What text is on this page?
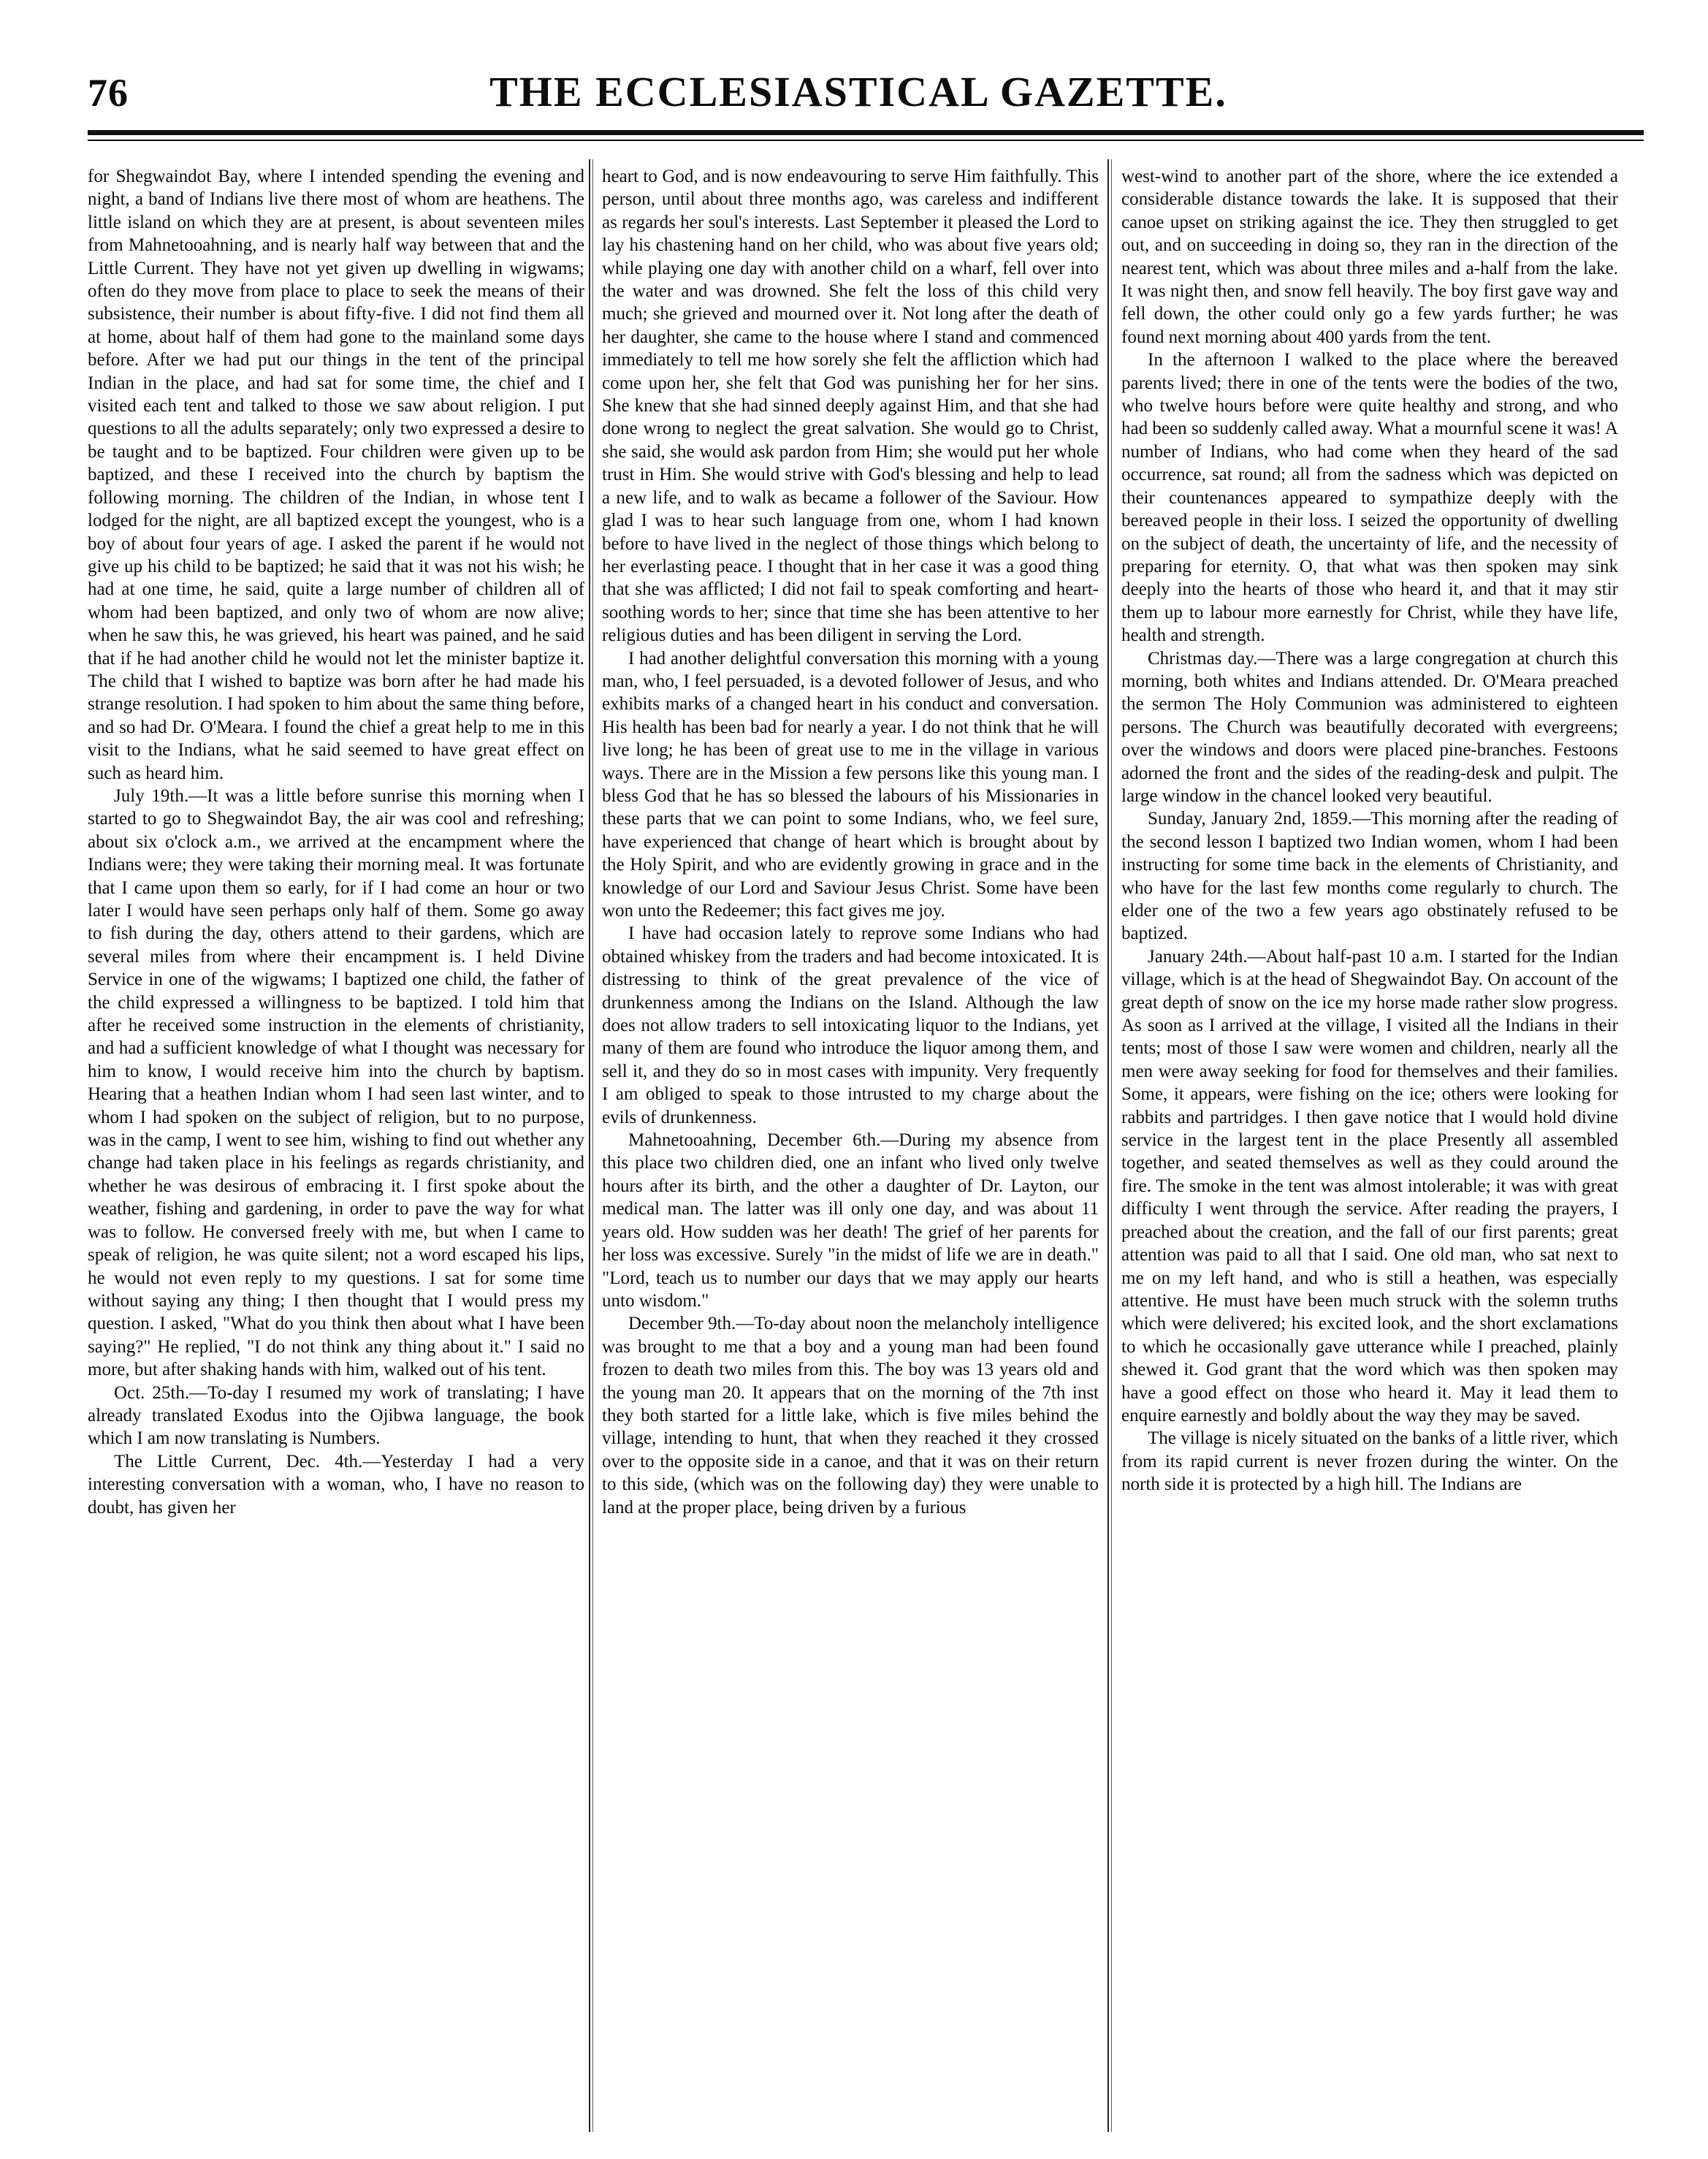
76	THE ECCLESIASTICAL GAZETTE.

for Shegwaindot Bay, where I intended spending the evening and night, a band of Indians live there most of whom are heathens. The little island on which they are at present, is about seventeen miles from Mahnetooahning, and is nearly half way between that and the Little Current. They have not yet given up dwelling in wigwams; often do they move from place to place to seek the means of their subsistence, their number is about fifty-five. I did not find them all at home, about half of them had gone to the mainland some days before. After we had put our things in the tent of the principal Indian in the place, and had sat for some time, the chief and I visited each tent and talked to those we saw about religion. I put questions to all the adults separately; only two expressed a desire to be taught and to be baptized. Four children were given up to be baptized, and these I received into the church by baptism the following morning. The children of the Indian, in whose tent I lodged for the night, are all baptized except the youngest, who is a boy of about four years of age. I asked the parent if he would not give up his child to be baptized; he said that it was not his wish; he had at one time, he said, quite a large number of children all of whom had been baptized, and only two of whom are now alive; when he saw this, he was grieved, his heart was pained, and he said that if he had another child he would not let the minister baptize it. The child that I wished to baptize was born after he had made his strange resolution. I had spoken to him about the same thing before, and so had Dr. O'Meara. I found the chief a great help to me in this visit to the Indians, what he said seemed to have great effect on such as heard him.

July 19th.—It was a little before sunrise this morning when I started to go to Shegwaindot Bay, the air was cool and refreshing; about six o'clock a.m., we arrived at the encampment where the Indians were; they were taking their morning meal. It was fortunate that I came upon them so early, for if I had come an hour or two later I would have seen perhaps only half of them. Some go away to fish during the day, others attend to their gardens, which are several miles from where their encampment is. I held Divine Service in one of the wigwams; I baptized one child, the father of the child expressed a willingness to be baptized. I told him that after he received some instruction in the elements of christianity, and had a sufficient knowledge of what I thought was necessary for him to know, I would receive him into the church by baptism. Hearing that a heathen Indian whom I had seen last winter, and to whom I had spoken on the subject of religion, but to no purpose, was in the camp, I went to see him, wishing to find out whether any change had taken place in his feelings as regards christianity, and whether he was desirous of embracing it. I first spoke about the weather, fishing and gardening, in order to pave the way for what was to follow. He conversed freely with me, but when I came to speak of religion, he was quite silent; not a word escaped his lips, he would not even reply to my questions. I sat for some time without saying any thing; I then thought that I would press my question. I asked, "What do you think then about what I have been saying?" He replied, "I do not think any thing about it." I said no more, but after shaking hands with him, walked out of his tent.

Oct. 25th.—To-day I resumed my work of translating; I have already translated Exodus into the Ojibwa language, the book which I am now translating is Numbers.

The Little Current, Dec. 4th.—Yesterday I had a very interesting conversation with a woman, who, I have no reason to doubt, has given her

heart to God, and is now endeavouring to serve Him faithfully. This person, until about three months ago, was careless and indifferent as regards her soul's interests. Last September it pleased the Lord to lay his chastening hand on her child, who was about five years old; while playing one day with another child on a wharf, fell over into the water and was drowned. She felt the loss of this child very much; she grieved and mourned over it. Not long after the death of her daughter, she came to the house where I stand and commenced immediately to tell me how sorely she felt the affliction which had come upon her, she felt that God was punishing her for her sins. She knew that she had sinned deeply against Him, and that she had done wrong to neglect the great salvation. She would go to Christ, she said, she would ask pardon from Him; she would put her whole trust in Him. She would strive with God's blessing and help to lead a new life, and to walk as became a follower of the Saviour. How glad I was to hear such language from one, whom I had known before to have lived in the neglect of those things which belong to her everlasting peace. I thought that in her case it was a good thing that she was afflicted; I did not fail to speak comforting and heart-soothing words to her; since that time she has been attentive to her religious duties and has been diligent in serving the Lord.

I had another delightful conversation this morning with a young man, who, I feel persuaded, is a devoted follower of Jesus, and who exhibits marks of a changed heart in his conduct and conversation. His health has been bad for nearly a year. I do not think that he will live long; he has been of great use to me in the village in various ways. There are in the Mission a few persons like this young man. I bless God that he has so blessed the labours of his Missionaries in these parts that we can point to some Indians, who, we feel sure, have experienced that change of heart which is brought about by the Holy Spirit, and who are evidently growing in grace and in the knowledge of our Lord and Saviour Jesus Christ. Some have been won unto the Redeemer; this fact gives me joy.

I have had occasion lately to reprove some Indians who had obtained whiskey from the traders and had become intoxicated. It is distressing to think of the great prevalence of the vice of drunkenness among the Indians on the Island. Although the law does not allow traders to sell intoxicating liquor to the Indians, yet many of them are found who introduce the liquor among them, and sell it, and they do so in most cases with impunity. Very frequently I am obliged to speak to those intrusted to my charge about the evils of drunkenness.

Mahnetooahning, December 6th.—During my absence from this place two children died, one an infant who lived only twelve hours after its birth, and the other a daughter of Dr. Layton, our medical man. The latter was ill only one day, and was about 11 years old. How sudden was her death! The grief of her parents for her loss was excessive. Surely "in the midst of life we are in death." "Lord, teach us to number our days that we may apply our hearts unto wisdom."

December 9th.—To-day about noon the melancholy intelligence was brought to me that a boy and a young man had been found frozen to death two miles from this. The boy was 13 years old and the young man 20. It appears that on the morning of the 7th inst they both started for a little lake, which is five miles behind the village, intending to hunt, that when they reached it they crossed over to the opposite side in a canoe, and that it was on their return to this side, (which was on the following day) they were unable to land at the proper place, being driven by a furious

west-wind to another part of the shore, where the ice extended a considerable distance towards the lake. It is supposed that their canoe upset on striking against the ice. They then struggled to get out, and on succeeding in doing so, they ran in the direction of the nearest tent, which was about three miles and a-half from the lake. It was night then, and snow fell heavily. The boy first gave way and fell down, the other could only go a few yards further; he was found next morning about 400 yards from the tent.

In the afternoon I walked to the place where the bereaved parents lived; there in one of the tents were the bodies of the two, who twelve hours before were quite healthy and strong, and who had been so suddenly called away. What a mournful scene it was! A number of Indians, who had come when they heard of the sad occurrence, sat round; all from the sadness which was depicted on their countenances appeared to sympathize deeply with the bereaved people in their loss. I seized the opportunity of dwelling on the subject of death, the uncertainty of life, and the necessity of preparing for eternity. O, that what was then spoken may sink deeply into the hearts of those who heard it, and that it may stir them up to labour more earnestly for Christ, while they have life, health and strength.

Christmas day.—There was a large congregation at church this morning, both whites and Indians attended. Dr. O'Meara preached the sermon The Holy Communion was administered to eighteen persons. The Church was beautifully decorated with evergreens; over the windows and doors were placed pine-branches. Festoons adorned the front and the sides of the reading-desk and pulpit. The large window in the chancel looked very beautiful.

Sunday, January 2nd, 1859.—This morning after the reading of the second lesson I baptized two Indian women, whom I had been instructing for some time back in the elements of Christianity, and who have for the last few months come regularly to church. The elder one of the two a few years ago obstinately refused to be baptized.

January 24th.—About half-past 10 a.m. I started for the Indian village, which is at the head of Shegwaindot Bay. On account of the great depth of snow on the ice my horse made rather slow progress. As soon as I arrived at the village, I visited all the Indians in their tents; most of those I saw were women and children, nearly all the men were away seeking for food for themselves and their families. Some, it appears, were fishing on the ice; others were looking for rabbits and partridges. I then gave notice that I would hold divine service in the largest tent in the place Presently all assembled together, and seated themselves as well as they could around the fire. The smoke in the tent was almost intolerable; it was with great difficulty I went through the service. After reading the prayers, I preached about the creation, and the fall of our first parents; great attention was paid to all that I said. One old man, who sat next to me on my left hand, and who is still a heathen, was especially attentive. He must have been much struck with the solemn truths which were delivered; his excited look, and the short exclamations to which he occasionally gave utterance while I preached, plainly shewed it. God grant that the word which was then spoken may have a good effect on those who heard it. May it lead them to enquire earnestly and boldly about the way they may be saved.

The village is nicely situated on the banks of a little river, which from its rapid current is never frozen during the winter. On the north side it is protected by a high hill. The Indians are
